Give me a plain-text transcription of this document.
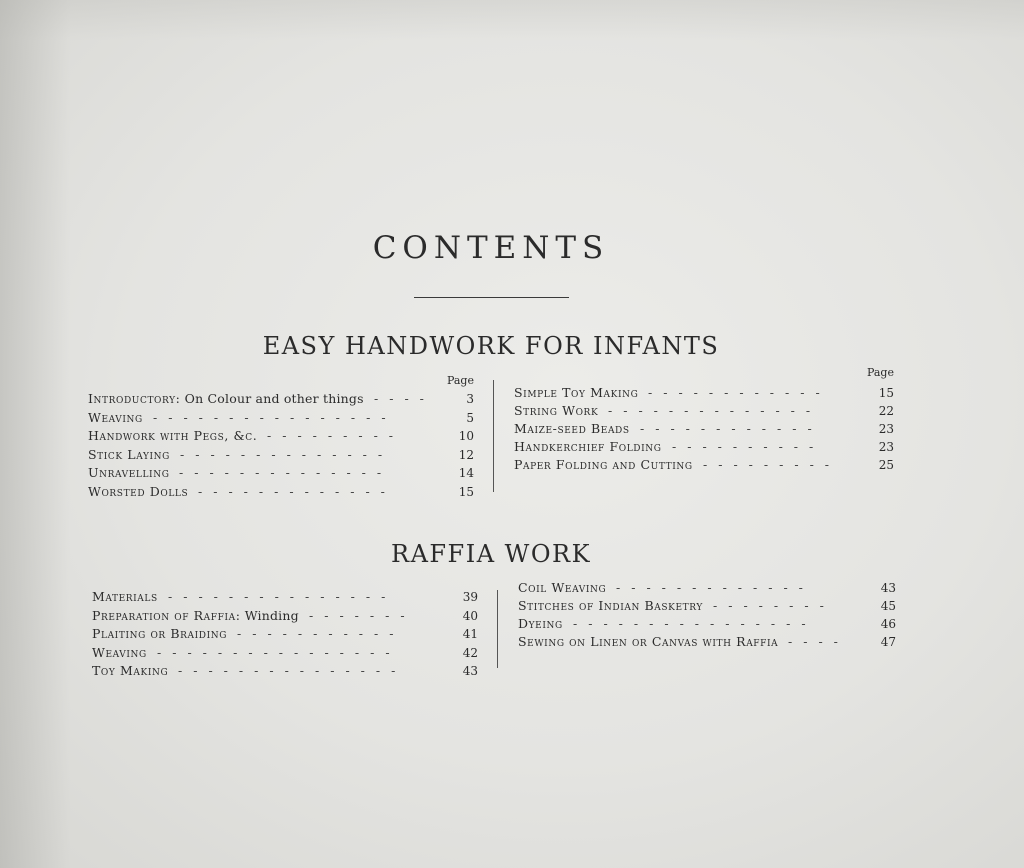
CONTENTS
EASY HANDWORK FOR INFANTS
Page
Introductory: On Colour and other things ----	3
Weaving ----------------	5
Handwork with Pegs, &c. ---------	10
Stick Laying --------------	12
Unravelling --------------	14
Worsted Dolls -------------	15
Page
Simple Toy Making ------------	15
String Work --------------	22
Maize-seed Beads ------------	23
Handkerchief Folding ----------	23
Paper Folding and Cutting ---------	25
RAFFIA WORK
Materials ---------------	39
Preparation of Raffia: Winding -------	40
Plaiting or Braiding -----------	41
Weaving ----------------	42
Toy Making ---------------	43
Coil Weaving -------------	43
Stitches of Indian Basketry --------	45
Dyeing ----------------	46
Sewing on Linen or Canvas with Raffia ----	47
